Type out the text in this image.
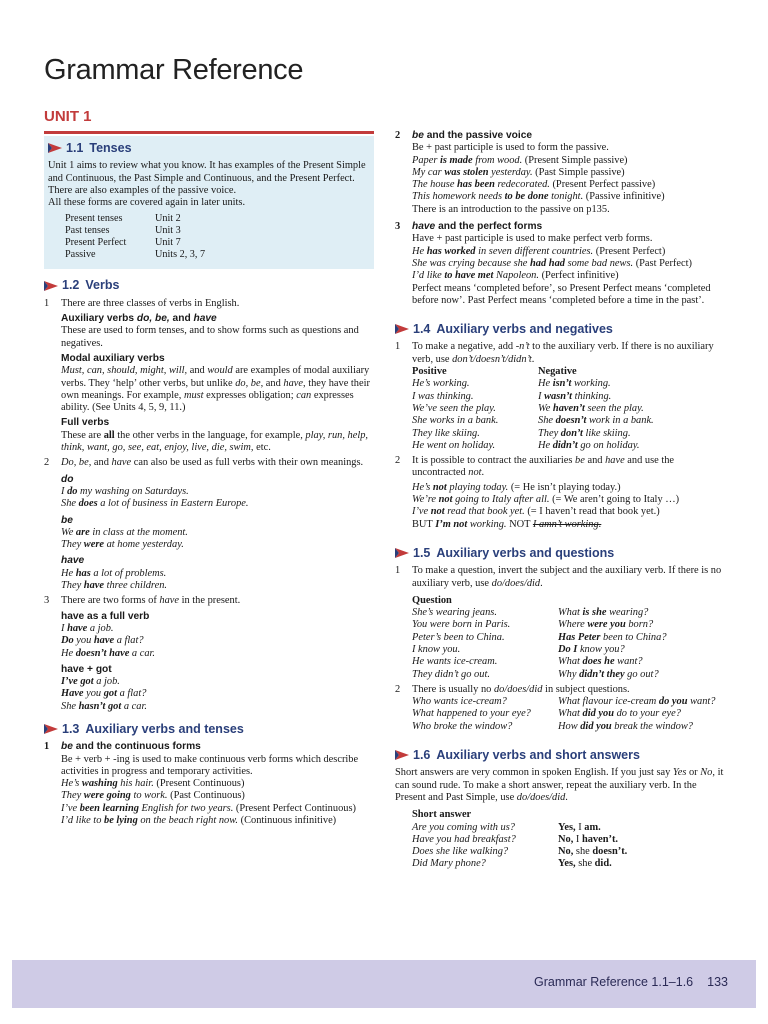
Grammar Reference
UNIT 1
1.1 Tenses

Unit 1 aims to review what you know. It has examples of the Present Simple and Continuous, the Past Simple and Continuous, and the Present Perfect. There are also examples of the passive voice.

All these forms are covered again in later units.

Present tenses	Unit 2
Past tenses	Unit 3
Present Perfect	Unit 7
Passive	Units 2, 3, 7
1.2 Verbs
1	There are three classes of verbs in English.

Auxiliary verbs do, be, and have

These are used to form tenses, and to show forms such as questions and negatives.

Modal auxiliary verbs

Must, can, should, might, will, and would are examples of modal auxiliary verbs. They ‘help’ other verbs, but unlike do, be, and have, they have their own meanings. For example, must expresses obligation; can expresses ability. (See Units 4, 5, 9, 11.)

Full verbs

These are all the other verbs in the language, for example, play, run, help, think, want, go, see, eat, enjoy, live, die, swim, etc.

2	Do, be, and have can also be used as full verbs with their own meanings.

do

I do my washing on Saturdays.

She does a lot of business in Eastern Europe.

be

We are in class at the moment.

They were at home yesterday.

have

He has a lot of problems.

They have three children.

3	There are two forms of have in the present.

have as a full verb

I have a job.

Do you have a flat?

He doesn’t have a car.

have + got

I’ve got a job.

Have you got a flat?

She hasn’t got a car.

1.3 Auxiliary verbs and tenses
1	be and the continuous forms

Be + verb + -ing is used to make continuous verb forms which describe activities in progress and temporary activities.

He’s washing his hair. (Present Continuous)

They were going to work. (Past Continuous)

I’ve been learning English for two years. (Present Perfect Continuous)

I’d like to be lying on the beach right now. (Continuous infinitive)

2	be and the passive voice

Be + past participle is used to form the passive.

Paper is made from wood. (Present Simple passive)

My car was stolen yesterday. (Past Simple passive)

The house has been redecorated. (Present Perfect passive)

This homework needs to be done tonight. (Passive infinitive)

There is an introduction to the passive on p135.

3	have and the perfect forms

Have + past participle is used to make perfect verb forms.

He has worked in seven different countries. (Present Perfect)

She was crying because she had had some bad news. (Past Perfect)

I’d like to have met Napoleon. (Perfect infinitive)

Perfect means ‘completed before’, so Present Perfect means ‘completed before now’. Past Perfect means ‘completed before a time in the past’.

1.4 Auxiliary verbs and negatives
1	To make a negative, add -n’t to the auxiliary verb. If there is no auxiliary verb, use don’t/doesn’t/didn’t.

Positive	Negative
He’s working.	He isn’t working.
I was thinking.	I wasn’t thinking.
We’ve seen the play.	We haven’t seen the play.
She works in a bank.	She doesn’t work in a bank.
They like skiing.	They don’t like skiing.
He went on holiday.	He didn’t go on holiday.
2	It is possible to contract the auxiliaries be and have and use the uncontracted not.

He’s not playing today. (= He isn’t playing today.)

We’re not going to Italy after all. (= We aren’t going to Italy …)

I’ve not read that book yet. (= I haven’t read that book yet.)

BUT I’m not working. NOT I amn’t working.

1.5 Auxiliary verbs and questions
1	To make a question, invert the subject and the auxiliary verb. If there is no auxiliary verb, use do/does/did.

Question

She’s wearing jeans.	What is she wearing?
You were born in Paris.	Where were you born?
Peter’s been to China.	Has Peter been to China?
I know you.	Do I know you?
He wants ice-cream.	What does he want?
They didn’t go out.	Why didn’t they go out?
2	There is usually no do/does/did in subject questions.

Who wants ice-cream?	What flavour ice-cream do you want?
What happened to your eye?	What did you do to your eye?
Who broke the window?	How did you break the window?
1.6 Auxiliary verbs and short answers

Short answers are very common in spoken English. If you just say Yes or No, it can sound rude. To make a short answer, repeat the auxiliary verb. In the Present and Past Simple, use do/does/did.

Short answer

Are you coming with us?	Yes, I am.
Have you had breakfast?	No, I haven’t.
Does she like walking?	No, she doesn’t.
Did Mary phone?	Yes, she did.
Grammar Reference 1.1–1.6 133
